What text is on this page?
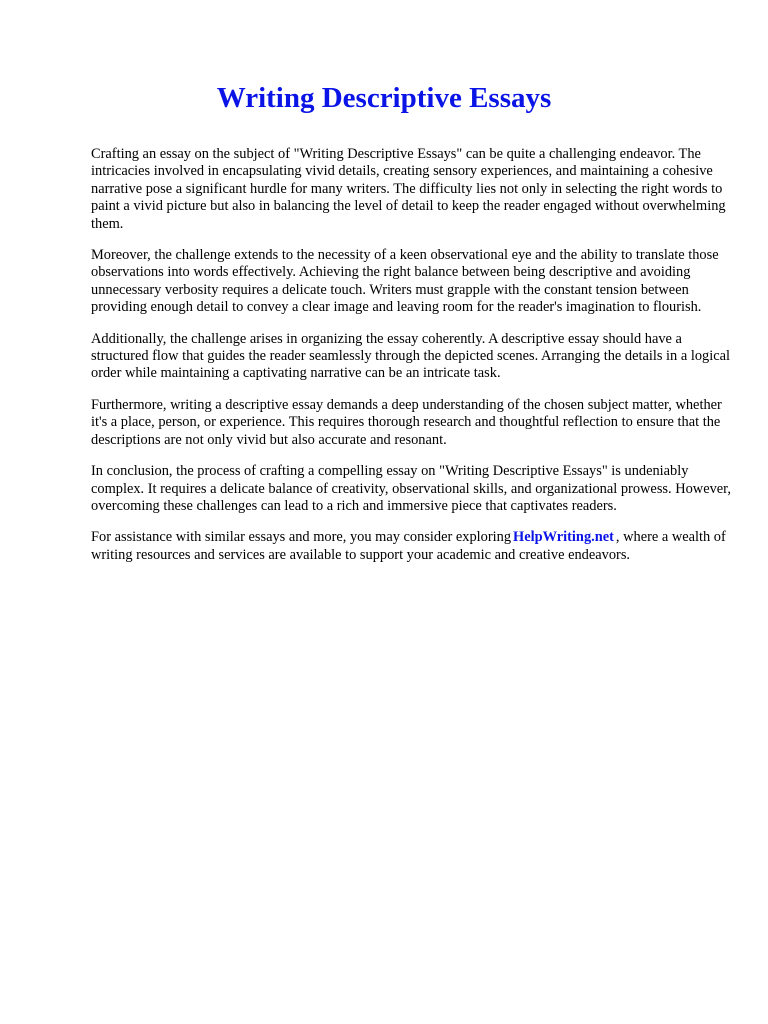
Writing Descriptive Essays

Crafting an essay on the subject of "Writing Descriptive Essays" can be quite a challenging endeavor. The intricacies involved in encapsulating vivid details, creating sensory experiences, and maintaining a cohesive narrative pose a significant hurdle for many writers. The difficulty lies not only in selecting the right words to paint a vivid picture but also in balancing the level of detail to keep the reader engaged without overwhelming them.

Moreover, the challenge extends to the necessity of a keen observational eye and the ability to translate those observations into words effectively. Achieving the right balance between being descriptive and avoiding unnecessary verbosity requires a delicate touch. Writers must grapple with the constant tension between providing enough detail to convey a clear image and leaving room for the reader's imagination to flourish.

Additionally, the challenge arises in organizing the essay coherently. A descriptive essay should have a structured flow that guides the reader seamlessly through the depicted scenes. Arranging the details in a logical order while maintaining a captivating narrative can be an intricate task.

Furthermore, writing a descriptive essay demands a deep understanding of the chosen subject matter, whether it's a place, person, or experience. This requires thorough research and thoughtful reflection to ensure that the descriptions are not only vivid but also accurate and resonant.

In conclusion, the process of crafting a compelling essay on "Writing Descriptive Essays" is undeniably complex. It requires a delicate balance of creativity, observational skills, and organizational prowess. However, overcoming these challenges can lead to a rich and immersive piece that captivates readers.

For assistance with similar essays and more, you may consider exploring HelpWriting.net , where a wealth of writing resources and services are available to support your academic and creative endeavors.
